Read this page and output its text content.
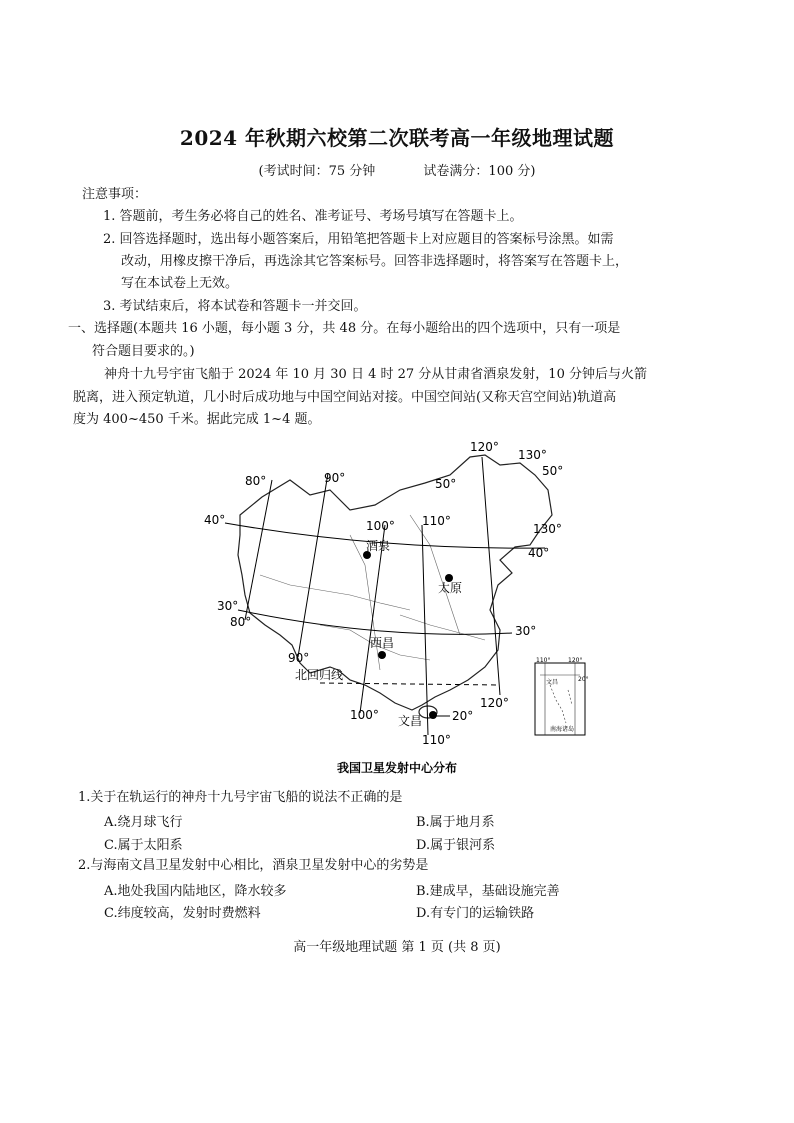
2024 年秋期六校第二次联考高一年级地理试题
(考试时间：75 分钟	试卷满分：100 分)
注意事项：
1. 答题前，考生务必将自己的姓名、准考证号、考场号填写在答题卡上。
2. 回答选择题时，选出每小题答案后，用铅笔把答题卡上对应题目的答案标号涂黑。如需
改动，用橡皮擦干净后，再选涂其它答案标号。回答非选择题时，将答案写在答题卡上，
写在本试卷上无效。
3. 考试结束后，将本试卷和答题卡一并交回。
一、选择题(本题共 16 小题，每小题 3 分，共 48 分。在每小题给出的四个选项中，只有一项是
符合题目要求的。)
神舟十九号宇宙飞船于 2024 年 10 月 30 日 4 时 27 分从甘肃省酒泉发射，10 分钟后与火箭
脱离，进入预定轨道，几小时后成功地与中国空间站对接。中国空间站(又称天宫空间站)轨道高
度为 400~450 千米。据此完成 1~4 题。
120°
130°
50°
50°
80°	90°
40°	100° 110°
130°
40°
30°
80°
30°
90°
120°
100°	20°
110°
酒泉
太原
西昌
文昌
北回归线
110°	120°
20°
文昌
南海诸岛
我国卫星发射中心分布
1.关于在轨运行的神舟十九号宇宙飞船的说法不正确的是
A.绕月球飞行	B.属于地月系
C.属于太阳系	D.属于银河系
2.与海南文昌卫星发射中心相比，酒泉卫星发射中心的劣势是
A.地处我国内陆地区，降水较多	B.建成早，基础设施完善
C.纬度较高，发射时费燃料	D.有专门的运输铁路
高一年级地理试题 第 1 页 (共 8 页)
